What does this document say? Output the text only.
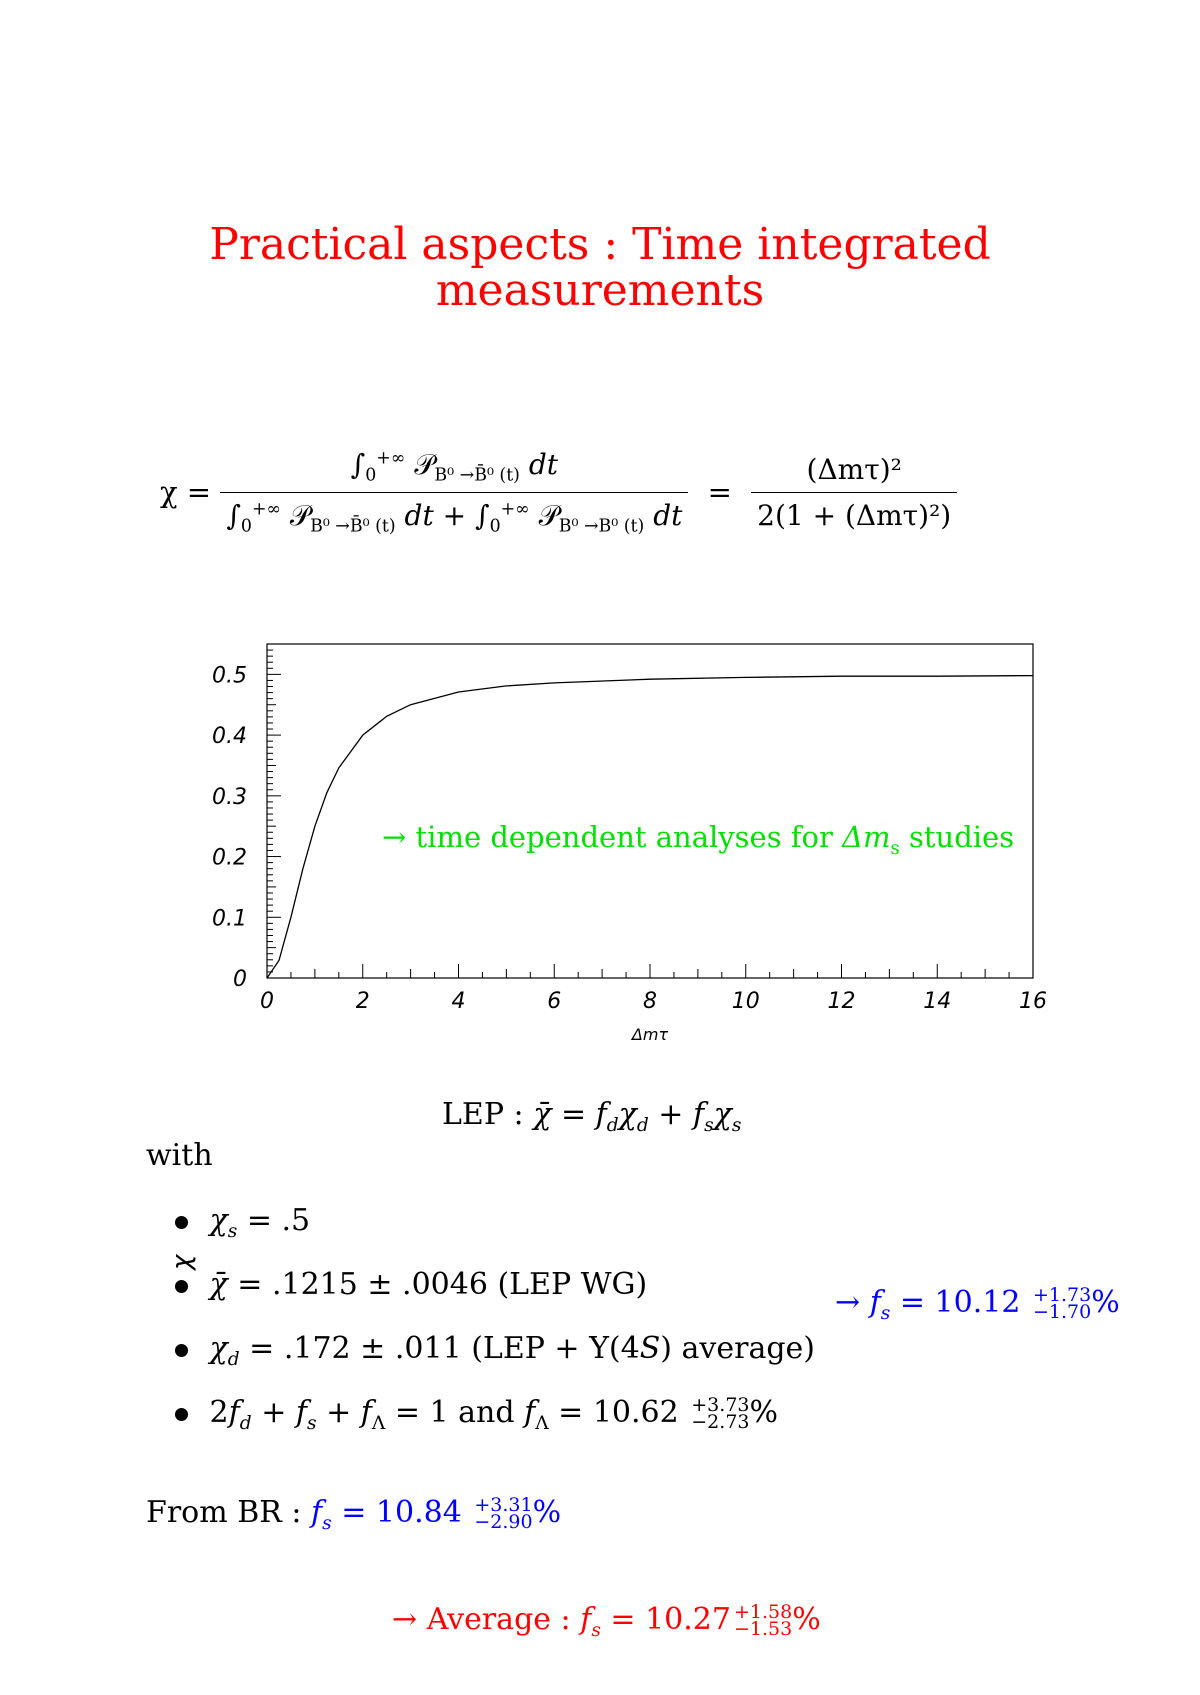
Practical aspects : Time integrated
measurements
χ =
$\int_0^{+\infty}$ 𝒫$_{B^0 \to B̄^0 (t)}$ dt
$\int_0^{+\infty}$ 𝒫$_{B^0 \to B̄^0 (t)}$ dt + $\int_0^{+\infty}$ 𝒫$_{B^0 \to B^0 (t)}$ dt
= $\frac{\text{(Δmτ)²}}{\text{2(1 + (Δmτ)²)}}$
0	2	4	6	8	10	12	14	16
0
0.1
0.2
0.3
0.4
0.5
χ
Δmτ
→ time dependent analyses for $\Delta m_s$ studies
LEP : χ̄ = $f_d\chi_d + f_s\chi_s$
with
$\chi_s = .5$
χ̄ = .1215 ± .0046 (LEP WG)
$\chi_d = .172 \pm .011$ (LEP + Υ(4S) average)
$2f_d + f_s + f_\Lambda = 1$ and $f_\Lambda = 10.62 +3.73$
−2.73 %
→ $f_s = 10.12 +1.73$
−1.70 %
From BR : $f_s = 10.84 +3.31$
−2.90 %
→ Average : $f_s = 10.27 +1.58$
−1.53 %
